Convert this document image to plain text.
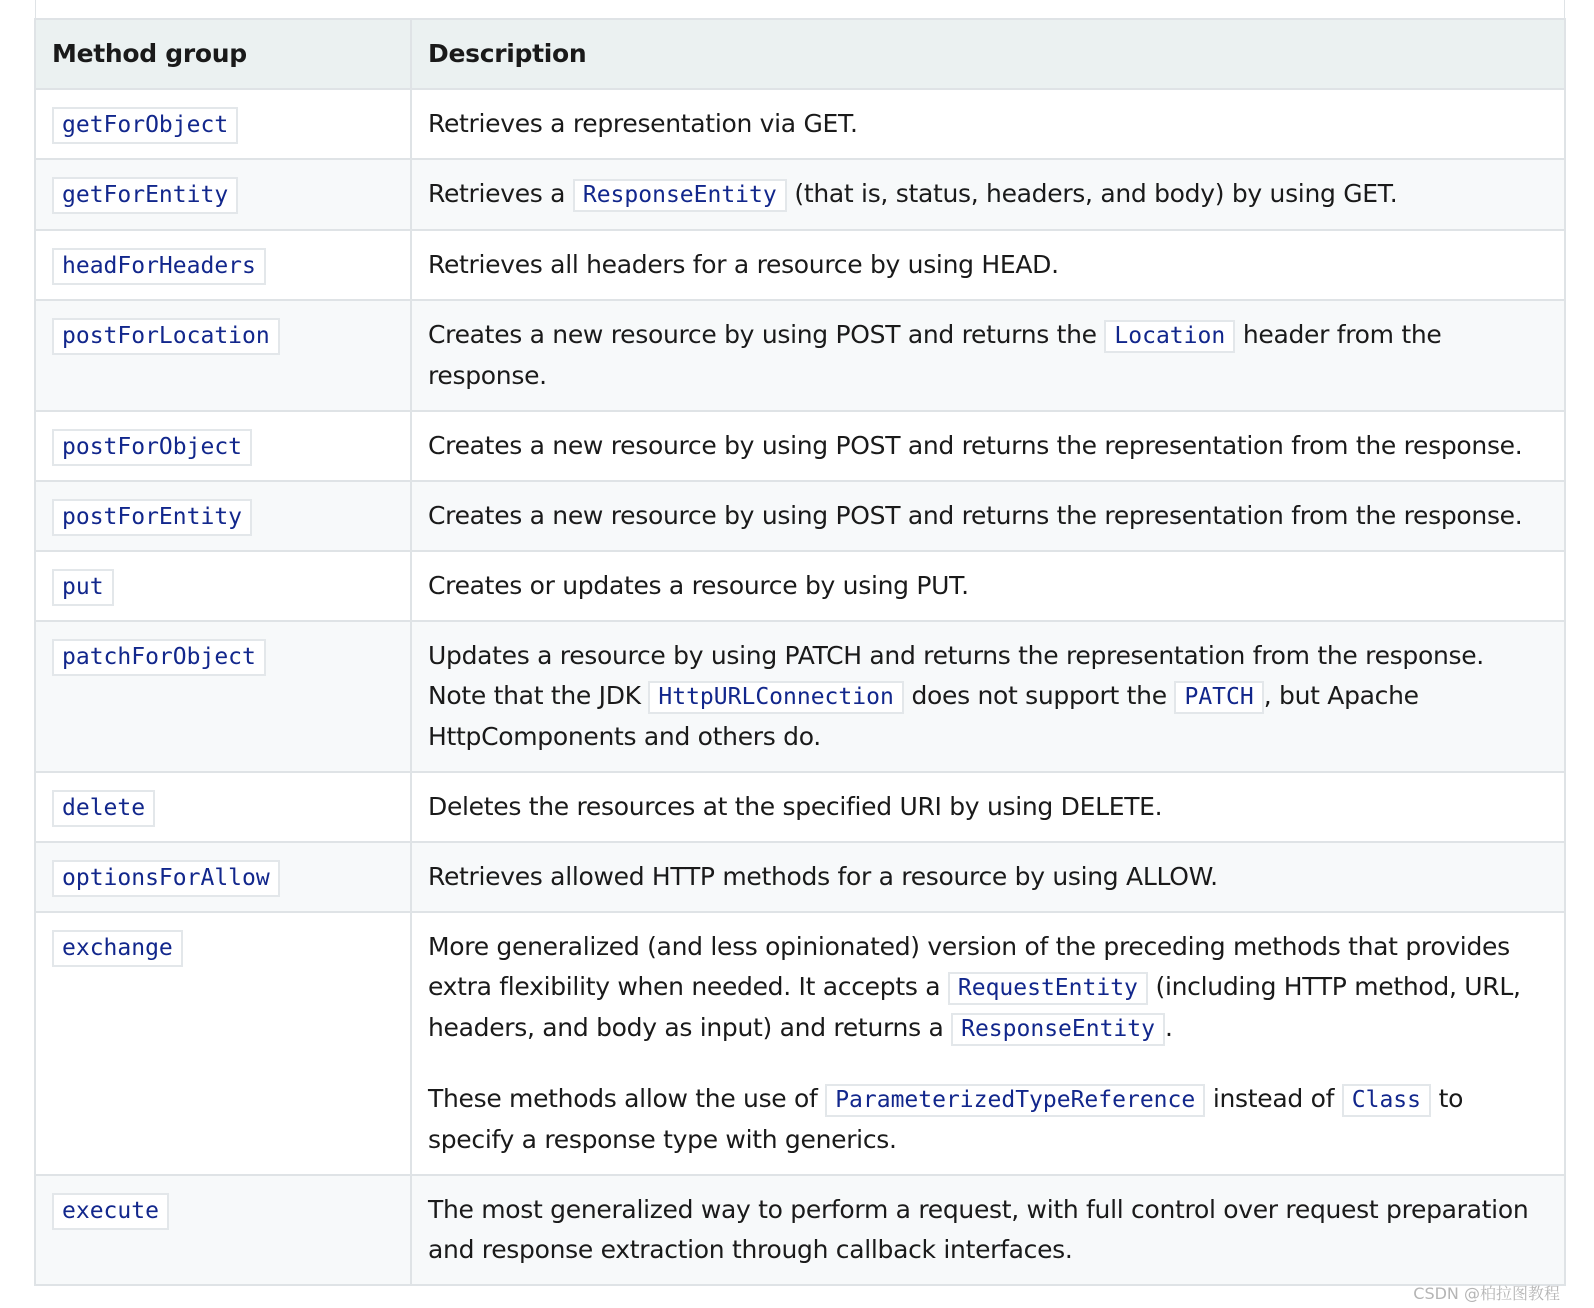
Method group	Description
getForObject	Retrieves a representation via GET.

getForEntity	Retrieves a ResponseEntity (that is, status, headers, and body) by using GET.

headForHeaders	Retrieves all headers for a resource by using HEAD.

postForLocation	Creates a new resource by using POST and returns the Location header from the response.

postForObject	Creates a new resource by using POST and returns the representation from the response.

postForEntity	Creates a new resource by using POST and returns the representation from the response.

put	Creates or updates a resource by using PUT.

patchForObject	Updates a resource by using PATCH and returns the representation from the response. Note that the JDK HttpURLConnection does not support the PATCH , but Apache HttpComponents and others do.

delete	Deletes the resources at the specified URI by using DELETE.

optionsForAllow	Retrieves allowed HTTP methods for a resource by using ALLOW.

exchange	More generalized (and less opinionated) version of the preceding methods that provides extra flexibility when needed. It accepts a RequestEntity (including HTTP method, URL, headers, and body as input) and returns a ResponseEntity .

These methods allow the use of ParameterizedTypeReference instead of Class to specify a response type with generics.

execute	The most generalized way to perform a request, with full control over request preparation and response extraction through callback interfaces.

CSDN @柏拉图教程
